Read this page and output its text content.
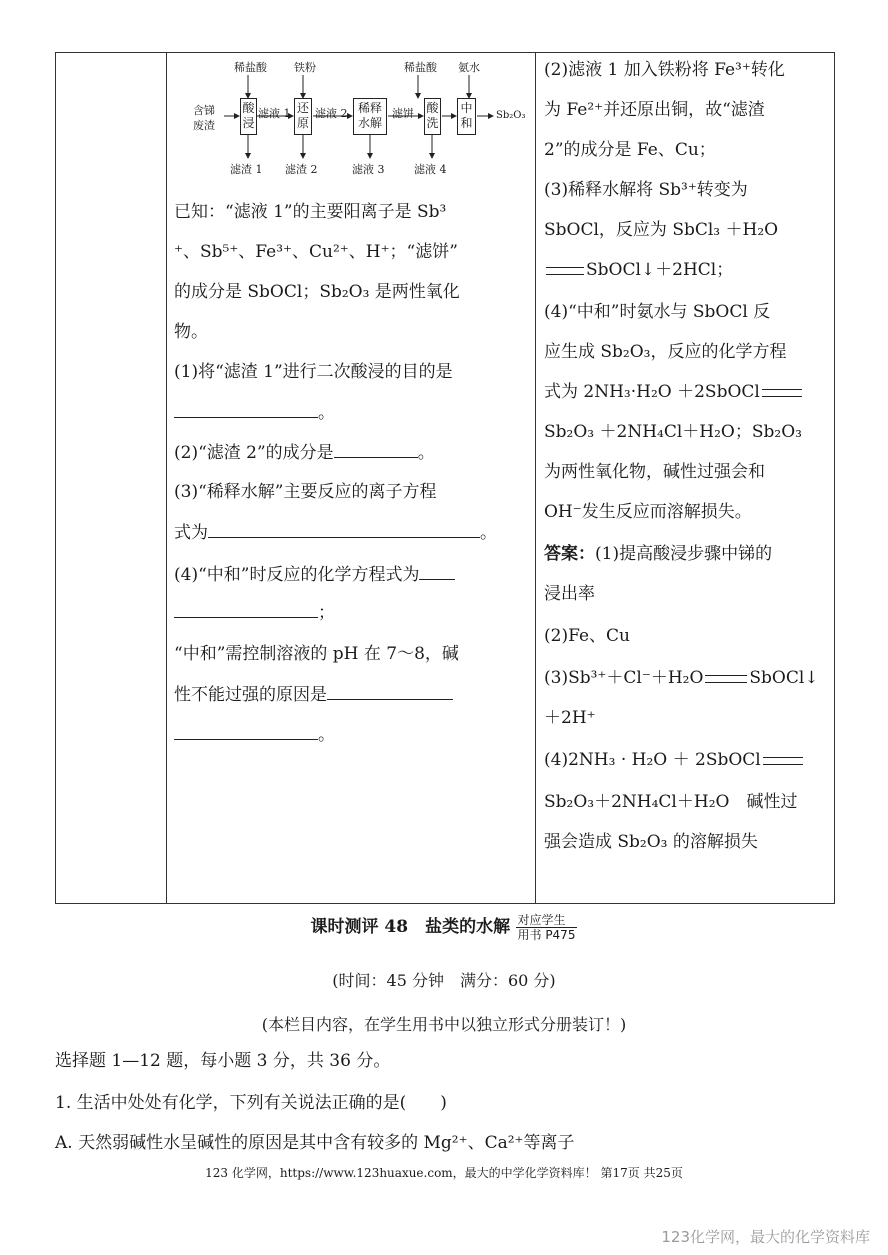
稀盐酸 铁粉	稀盐酸 氨水
含锑
废渣
酸
浸
还
原
稀释
水解
酸
洗
中
和
滤液 1 滤液 2	滤饼	Sb₂O₃
滤渣 1 滤渣 2	滤液 3	滤液 4
已知：“滤液 1”的主要阳离子是 Sb³
⁺、Sb⁵⁺、Fe³⁺、Cu²⁺、H⁺；“滤饼”
的成分是 SbOCl；Sb₂O₃ 是两性氧化
物。
(1)将“滤渣 1”进行二次酸浸的目的是
。
(2)“滤渣 2”的成分是	。
(3)“稀释水解”主要反应的离子方程
式为	。
(4)“中和”时反应的化学方程式为
；
“中和”需控制溶液的 pH 在 7～8，碱
性不能过强的原因是
。
(2)滤液 1 加入铁粉将 Fe³⁺转化
为 Fe²⁺并还原出铜，故“滤渣
2”的成分是 Fe、Cu；
(3)稀释水解将 Sb³⁺转变为
SbOCl，反应为 SbCl₃ ＋H₂O
SbOCl↓＋2HCl；
(4)“中和”时氨水与 SbOCl 反
应生成 Sb₂O₃，反应的化学方程
式为 2NH₃·H₂O ＋2SbOCl
Sb₂O₃ ＋2NH₄Cl＋H₂O；Sb₂O₃
为两性氧化物，碱性过强会和
OH⁻发生反应而溶解损失。
答案：(1)提高酸浸步骤中锑的
浸出率
(2)Fe、Cu
(3)Sb³⁺＋Cl⁻＋H₂O	SbOCl↓
＋2H⁺
(4)2NH₃ · H₂O ＋ 2SbOCl
Sb₂O₃＋2NH₄Cl＋H₂O　碱性过
强会造成 Sb₂O₃ 的溶解损失
课时测评 48　盐类的水解 $\frac{\text{对应学生}}{\text{用书 P475}}$
(时间：45 分钟　满分：60 分)
(本栏目内容，在学生用书中以独立形式分册装订！)
选择题 1—12 题，每小题 3 分，共 36 分。
1. 生活中处处有化学，下列有关说法正确的是(　　)
A. 天然弱碱性水呈碱性的原因是其中含有较多的 Mg²⁺、Ca²⁺等离子
123 化学网，https://www.123huaxue.com，最大的中学化学资料库！ 第17页 共25页
123化学网，最大的化学资料库
